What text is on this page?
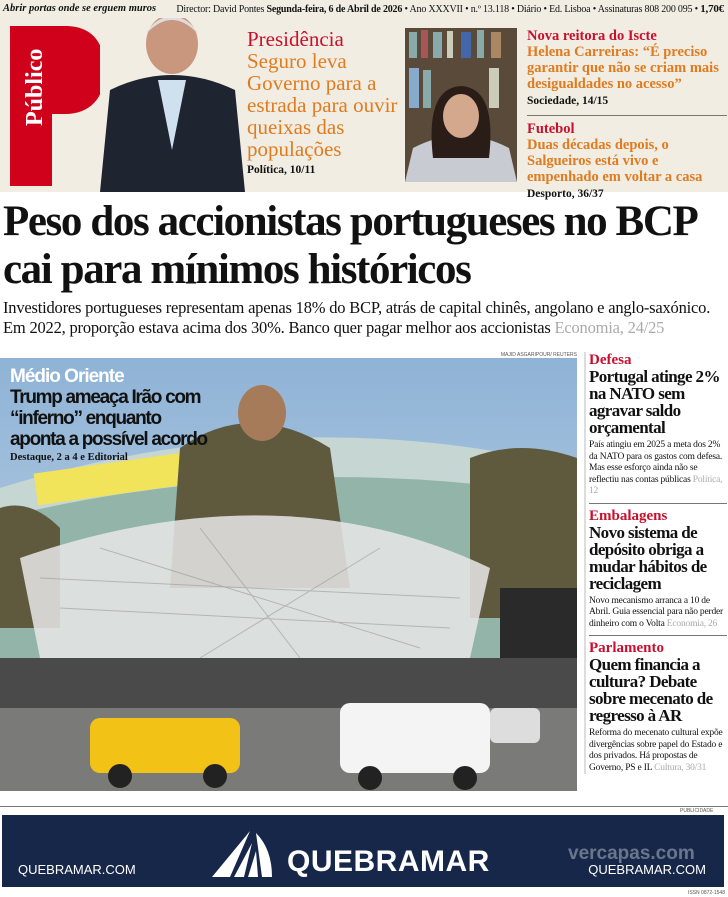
Abrir portas onde se erguem muros Director: David Pontes Segunda-feira, 6 de Abril de 2026 • Ano XXXVII • n.º 13.118 • Diário • Ed. Lisboa • Assinaturas 808 200 095 • 1,70€
Público
Presidência
Seguro leva Governo para a estrada para ouvir queixas das populações
Política, 10/11
Nova reitora do Iscte
Helena Carreiras: “É preciso garantir que não se criam mais desigualdades no acesso”
Sociedade, 14/15
Futebol
Duas décadas depois, o Salgueiros está vivo e empenhado em voltar a casa
Desporto, 36/37
Peso dos accionistas portugueses no BCP cai para mínimos históricos
Investidores portugueses representam apenas 18% do BCP, atrás de capital chinês, angolano e anglo-saxónico. Em 2022, proporção estava acima dos 30%. Banco quer pagar melhor aos accionistas Economia, 24/25
MAJID ASGARIPOUR/ REUTERS
Médio Oriente
Trump ameaça Irão com “inferno” enquanto aponta a possível acordo
Destaque, 2 a 4 e Editorial
Defesa
Portugal atinge 2% na NATO sem agravar saldo orçamental
País atingiu em 2025 a meta dos 2% da NATO para os gastos com defesa. Mas esse esforço ainda não se reflectiu nas contas públicas Política, 12
Embalagens
Novo sistema de depósito obriga a mudar hábitos de reciclagem
Novo mecanismo arranca a 10 de Abril. Guia essencial para não perder dinheiro com o Volta Economia, 26
Parlamento
Quem financia a cultura? Debate sobre mecenato de regresso à AR
Reforma do mecenato cultural expõe divergências sobre papel do Estado e dos privados. Há propostas de Governo, PS e IL Cultura, 30/31
PUBLICIDADE
QUEBRAMAR.COM	QUEBRAMAR	vercapas.com
QUEBRAMAR.COM
ISSN 0872-1548
